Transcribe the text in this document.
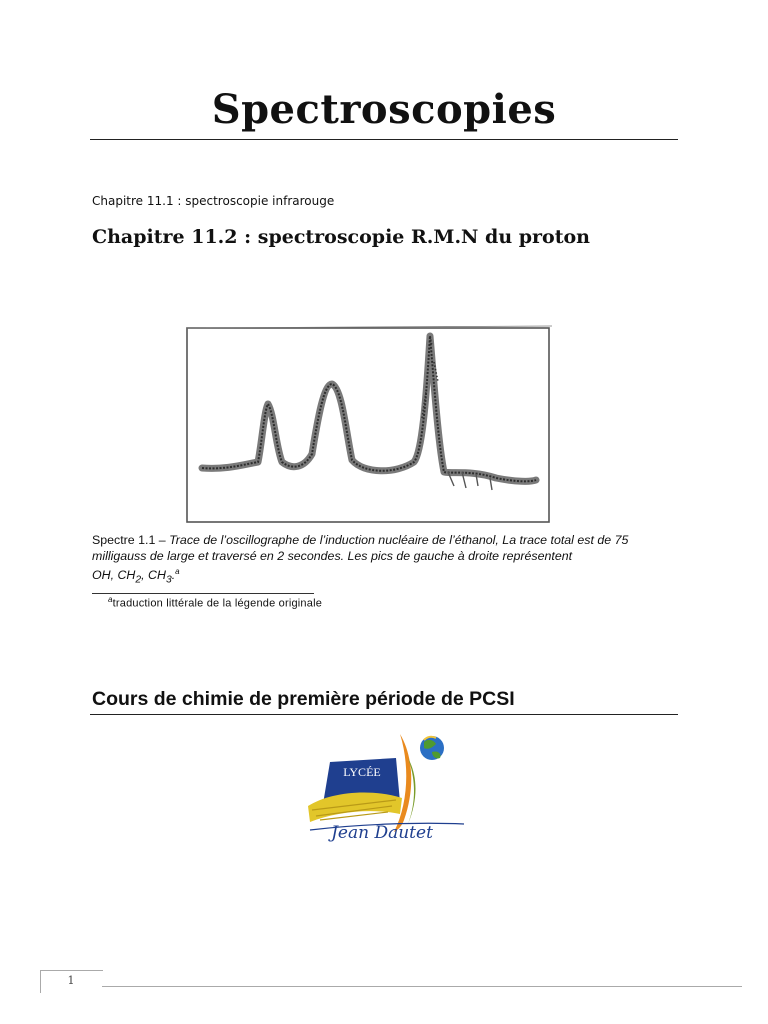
Spectroscopies
Chapitre 11.1 : spectroscopie infrarouge
Chapitre 11.2 : spectroscopie R.M.N du proton
Spectre 1.1 – Trace de l’oscillographe de l’induction nucléaire de l’éthanol, La trace total est de 75 milligauss de large et traversé en 2 secondes. Les pics de gauche à droite représentent
OH, $CH_2$, $CH_3.^a$
$^a$traduction littérale de la légende originale
Cours de chimie de première période de PCSI
LYCÉE
Jean Dautet
1
